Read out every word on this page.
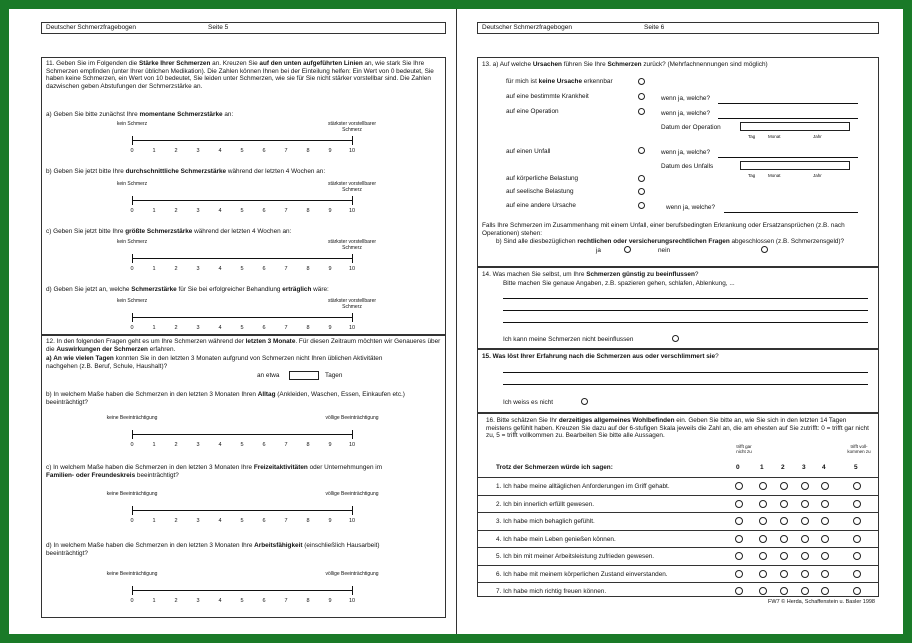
Deutscher Schmerzfragebogen	Seite 5
11. Geben Sie im Folgenden die Stärke Ihrer Schmerzen an. Kreuzen Sie auf den unten aufgeführten Linien an, wie stark Sie Ihre Schmerzen empfinden (unter Ihrer üblichen Medikation). Die Zahlen können Ihnen bei der Einteilung helfen: Ein Wert von 0 bedeutet, Sie haben keine Schmerzen, ein Wert von 10 bedeutet, Sie leiden unter Schmerzen, wie sie für Sie nicht stärker vorstellbar sind. Die Zahlen dazwischen geben Abstufungen der Schmerzstärke an.
a) Geben Sie bitte zunächst Ihre momentane Schmerzstärke an:
0	1	2	3	4	5	6	7	8	9	10
kein Schmerz	stärkster vorstellbarer Schmerz
b) Geben Sie jetzt bitte Ihre durchschnittliche Schmerzstärke während der letzten 4 Wochen an:
0	1	2	3	4	5	6	7	8	9	10
kein Schmerz	stärkster vorstellbarer Schmerz
c) Geben Sie jetzt bitte Ihre größte Schmerzstärke während der letzten 4 Wochen an:
0	1	2	3	4	5	6	7	8	9	10
kein Schmerz	stärkster vorstellbarer Schmerz
d) Geben Sie jetzt an, welche Schmerzstärke für Sie bei erfolgreicher Behandlung erträglich wäre:
0	1	2	3	4	5	6	7	8	9	10
kein Schmerz	stärkster vorstellbarer Schmerz
12. In den folgenden Fragen geht es um Ihre Schmerzen während der letzten 3 Monate. Für diesen Zeitraum möchten wir Genaueres über die Auswirkungen der Schmerzen erfahren.
a) An wie vielen Tagen konnten Sie in den letzten 3 Monaten aufgrund von Schmerzen nicht Ihren üblichen Aktivitäten nachgehen (z.B. Beruf, Schule, Haushalt)?
an etwa	Tagen
b) In welchem Maße haben die Schmerzen in den letzten 3 Monaten Ihren Alltag (Ankleiden, Waschen, Essen, Einkaufen etc.) beeinträchtigt?
0	1	2	3	4	5	6	7	8	9	10
keine Beeinträchtigung	völlige Beeinträchtigung
c) In welchem Maße haben die Schmerzen in den letzten 3 Monaten Ihre Freizeitaktivitäten oder Unternehmungen im Familien- oder Freundeskreis beeinträchtigt?
0	1	2	3	4	5	6	7	8	9	10
keine Beeinträchtigung	völlige Beeinträchtigung
d) In welchem Maße haben die Schmerzen in den letzten 3 Monaten Ihre Arbeitsfähigkeit (einschließlich Hausarbeit) beeinträchtigt?
0	1	2	3	4	5	6	7	8	9	10
keine Beeinträchtigung	völlige Beeinträchtigung
Deutscher Schmerzfragebogen	Seite 6
13. a) Auf welche Ursachen führen Sie Ihre Schmerzen zurück? (Mehrfachnennungen sind möglich)
für mich ist keine Ursache erkennbar
auf eine bestimmte Krankheit	wenn ja, welche?
auf eine Operation	wenn ja, welche?
Datum der Operation
Tag	Monat	Jahr
auf einen Unfall	wenn ja, welche?
Datum des Unfalls
Tag	Monat	Jahr
auf körperliche Belastung
auf seelische Belastung
auf eine andere Ursache	wenn ja, welche?
Falls Ihre Schmerzen im Zusammenhang mit einem Unfall, einer berufsbedingten Erkrankung oder Ersatzansprüchen (z.B. nach Operationen) stehen:
b) Sind alle diesbezüglichen rechtlichen oder versicherungsrechtlichen Fragen abgeschlossen (z.B. Schmerzensgeld)?
ja	nein
14. Was machen Sie selbst, um Ihre Schmerzen günstig zu beeinflussen?
Bitte machen Sie genaue Angaben, z.B. spazieren gehen, schlafen, Ablenkung, ...
Ich kann meine Schmerzen nicht beeinflussen
15. Was löst Ihrer Erfahrung nach die Schmerzen aus oder verschlimmert sie?
Ich weiss es nicht
16. Bitte schätzen Sie Ihr derzeitiges allgemeines Wohlbefinden ein. Geben Sie bitte an, wie Sie sich in den letzten 14 Tagen meistens gefühlt haben. Kreuzen Sie dazu auf der 6-stufigen Skala jeweils die Zahl an, die am ehesten auf Sie zutrifft: 0 = trifft gar nicht zu, 5 = trifft vollkommen zu. Bearbeiten Sie bitte alle Aussagen.
trifft gar nicht zu
trifft voll-kommen zu
Trotz der Schmerzen würde ich sagen:	0	1	2	3	4	5
1. Ich habe meine alltäglichen Anforderungen im Griff gehabt.
2. Ich bin innerlich erfüllt gewesen.
3. Ich habe mich behaglich gefühlt.
4. Ich habe mein Leben genießen können.
5. Ich bin mit meiner Arbeitsleistung zufrieden gewesen.
6. Ich habe mit meinem körperlichen Zustand einverstanden.
7. Ich habe mich richtig freuen können.
FW7 © Herda, Schaffenstein u. Basler 1998
